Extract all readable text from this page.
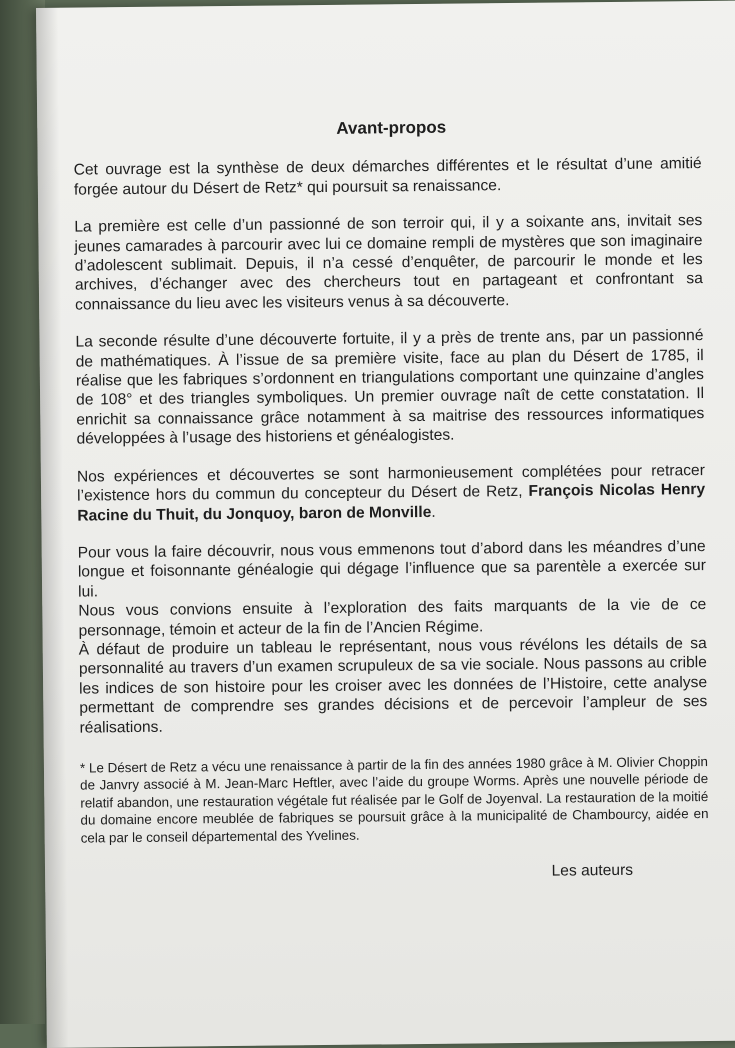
Avant-propos

Cet ouvrage est la synthèse de deux démarches différentes et le résultat d’une amitié forgée autour du Désert de Retz* qui poursuit sa renaissance.

La première est celle d’un passionné de son terroir qui, il y a soixante ans, invitait ses jeunes camarades à parcourir avec lui ce domaine rempli de mystères que son imaginaire d’adolescent sublimait. Depuis, il n’a cessé d’enquêter, de parcourir le monde et les archives, d’échanger avec des chercheurs tout en partageant et confrontant sa connaissance du lieu avec les visiteurs venus à sa découverte.

La seconde résulte d’une découverte fortuite, il y a près de trente ans, par un passionné de mathématiques. À l’issue de sa première visite, face au plan du Désert de 1785, il réalise que les fabriques s’ordonnent en triangulations comportant une quinzaine d’angles de 108° et des triangles symboliques. Un premier ouvrage naît de cette constatation. Il enrichit sa connaissance grâce notamment à sa maitrise des ressources informatiques développées à l’usage des historiens et généalogistes.

Nos expériences et découvertes se sont harmonieusement complétées pour retracer l’existence hors du commun du concepteur du Désert de Retz, François Nicolas Henry Racine du Thuit, du Jonquoy, baron de Monville.

Pour vous la faire découvrir, nous vous emmenons tout d’abord dans les méandres d’une longue et foisonnante généalogie qui dégage l’influence que sa parentèle a exercée sur lui.

Nous vous convions ensuite à l’exploration des faits marquants de la vie de ce personnage, témoin et acteur de la fin de l’Ancien Régime.

À défaut de produire un tableau le représentant, nous vous révélons les détails de sa personnalité au travers d’un examen scrupuleux de sa vie sociale. Nous passons au crible les indices de son histoire pour les croiser avec les données de l’Histoire, cette analyse permettant de comprendre ses grandes décisions et de percevoir l’ampleur de ses réalisations.

* Le Désert de Retz a vécu une renaissance à partir de la fin des années 1980 grâce à M. Olivier Choppin de Janvry associé à M. Jean-Marc Heftler, avec l’aide du groupe Worms. Après une nouvelle période de relatif abandon, une restauration végétale fut réalisée par le Golf de Joyenval. La restauration de la moitié du domaine encore meublée de fabriques se poursuit grâce à la municipalité de Chambourcy, aidée en cela par le conseil départemental des Yvelines.
Les auteurs
